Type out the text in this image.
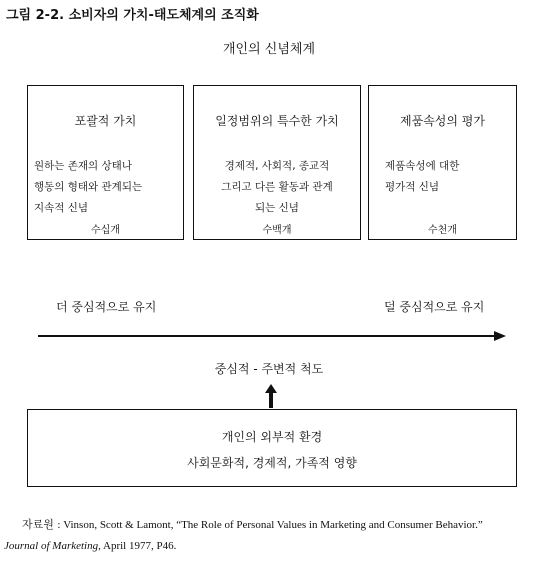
그림 2-2. 소비자의 가치-태도체계의 조직화
개인의 신념체계
포괄적 가치
원하는 존재의 상태나
행동의 형태와 관계되는
지속적 신념
수십개
일정범위의 특수한 가치
경제적, 사회적, 종교적
그리고 다른 활동과 관계
되는 신념
수백개
제품속성의 평가
제품속성에 대한
평가적 신념
수천개
더 중심적으로 유지	덜 중심적으로 유지
중심적 - 주변적 척도
개인의 외부적 환경
사회문화적, 경제적, 가족적 영향
자료원 : Vinson, Scott & Lamont, “The Role of Personal Values in Marketing and Consumer Behavior.”
Journal of Marketing, April 1977, P46.
